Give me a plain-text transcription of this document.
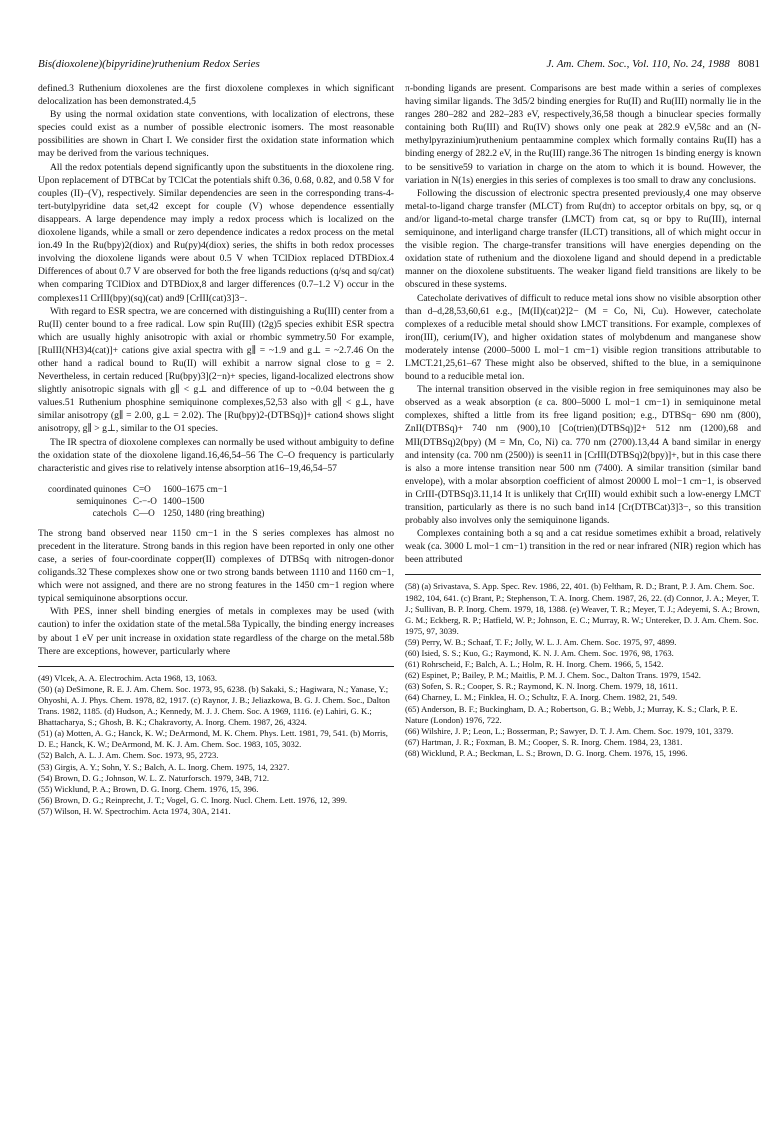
Bis(dioxolene)(bipyridine)ruthenium Redox Series	J. Am. Chem. Soc., Vol. 110, No. 24, 1988 8081

defined.3 Ruthenium dioxolenes are the first dioxolene complexes in which significant delocalization has been demonstrated.4,5

By using the normal oxidation state conventions, with localization of electrons, these species could exist as a number of possible electronic isomers. The most reasonable possibilities are shown in Chart I. We consider first the oxidation state information which may be derived from the various techniques.

All the redox potentials depend significantly upon the substituents in the dioxolene ring. Upon replacement of DTBCat by TClCat the potentials shift 0.36, 0.68, 0.82, and 0.58 V for couples (II)–(V), respectively. Similar dependencies are seen in the corresponding trans-4-tert-butylpyridine data set,42 except for couple (V) whose dependence essentially disappears. A large dependence may imply a redox process which is localized on the dioxolene ligands, while a small or zero dependence indicates a redox process on the metal ion.49 In the Ru(bpy)2(diox) and Ru(py)4(diox) series, the shifts in both redox processes involving the dioxolene ligands were about 0.5 V when TClDiox replaced DTBDiox.4 Differences of about 0.7 V are observed for both the free ligands reductions (q/sq and sq/cat) when comparing TClDiox and DTBDiox,8 and larger differences (0.7–1.2 V) occur in the complexes11 CrIII(bpy)(sq)(cat) and9 [CrIII(cat)3]3−.

With regard to ESR spectra, we are concerned with distinguishing a Ru(III) center from a Ru(II) center bound to a free radical. Low spin Ru(III) (t2g)5 species exhibit ESR spectra which are usually highly anisotropic with axial or rhombic symmetry.50 For example, [RuIII(NH3)4(cat)]+ cations give axial spectra with g∥ = ~1.9 and g⊥ = ~2.7.46 On the other hand a radical bound to Ru(II) will exhibit a narrow signal close to g = 2. Nevertheless, in certain reduced [Ru(bpy)3](2−n)+ species, ligand-localized electrons show slightly anisotropic signals with g∥ < g⊥ and difference of up to ~0.04 between the g values.51 Ruthenium phosphine semiquinone complexes,52,53 also with g∥ < g⊥, have similar anisotropy (g∥ = 2.00, g⊥ = 2.02). The [Ru(bpy)2-(DTBSq)]+ cation4 shows slight anisotropy, g∥ > g⊥, similar to the O1 species.

The IR spectra of dioxolene complexes can normally be used without ambiguity to define the oxidation state of the dioxolene ligand.16,46,54–56 The C–O frequency is particularly characteristic and gives rise to relatively intense absorption at16–19,46,54–57

coordinated quinones	C=O	1600–1675 cm−1
semiquinones	C-−-O	1400–1500
catechols	C—O	1250, 1480 (ring breathing)

The strong band observed near 1150 cm−1 in the S series complexes has almost no precedent in the literature. Strong bands in this region have been reported in only one other case, a series of four-coordinate copper(II) complexes of DTBSq with nitrogen-donor coligands.32 These complexes show one or two strong bands between 1110 and 1160 cm−1, which were not assigned, and there are no strong features in the 1450 cm−1 region where typical semiquinone absorptions occur.

With PES, inner shell binding energies of metals in complexes may be used (with caution) to infer the oxidation state of the metal.58a Typically, the binding energy increases by about 1 eV per unit increase in oxidation state regardless of the charge on the metal.58b There are exceptions, however, particularly where

(49) Vlcek, A. A. Electrochim. Acta 1968, 13, 1063.
(50) (a) DeSimone, R. E. J. Am. Chem. Soc. 1973, 95, 6238. (b) Sakaki, S.; Hagiwara, N.; Yanase, Y.; Ohyoshi, A. J. Phys. Chem. 1978, 82, 1917. (c) Raynor, J. B.; Jeliazkowa, B. G. J. Chem. Soc., Dalton Trans. 1982, 1185. (d) Hudson, A.; Kennedy, M. J. J. Chem. Soc. A 1969, 1116. (e) Lahiri, G. K.; Bhattacharya, S.; Ghosh, B. K.; Chakravorty, A. Inorg. Chem. 1987, 26, 4324.
(51) (a) Motten, A. G.; Hanck, K. W.; DeArmond, M. K. Chem. Phys. Lett. 1981, 79, 541. (b) Morris, D. E.; Hanck, K. W.; DeArmond, M. K. J. Am. Chem. Soc. 1983, 105, 3032.
(52) Balch, A. L. J. Am. Chem. Soc. 1973, 95, 2723.
(53) Girgis, A. Y.; Sohn, Y. S.; Balch, A. L. Inorg. Chem. 1975, 14, 2327.
(54) Brown, D. G.; Johnson, W. L. Z. Naturforsch. 1979, 34B, 712.
(55) Wicklund, P. A.; Brown, D. G. Inorg. Chem. 1976, 15, 396.
(56) Brown, D. G.; Reinprecht, J. T.; Vogel, G. C. Inorg. Nucl. Chem. Lett. 1976, 12, 399.
(57) Wilson, H. W. Spectrochim. Acta 1974, 30A, 2141.

π-bonding ligands are present. Comparisons are best made within a series of complexes having similar ligands. The 3d5/2 binding energies for Ru(II) and Ru(III) normally lie in the ranges 280–282 and 282–283 eV, respectively,36,58 though a binuclear species formally containing both Ru(III) and Ru(IV) shows only one peak at 282.9 eV,58c and an (N-methylpyrazinium)ruthenium pentaammine complex which formally contains Ru(II) has a binding energy of 282.2 eV, in the Ru(III) range.36 The nitrogen 1s binding energy is known to be sensitive59 to variation in charge on the atom to which it is bound. However, the variation in N(1s) energies in this series of complexes is too small to draw any conclusions.

Following the discussion of electronic spectra presented previously,4 one may observe metal-to-ligand charge transfer (MLCT) from Ru(dπ) to acceptor orbitals on bpy, sq, or q and/or ligand-to-metal charge transfer (LMCT) from cat, sq or bpy to Ru(III), internal semiquinone, and interligand charge transfer (ILCT) transitions, all of which might occur in the visible region. The charge-transfer transitions will have energies depending on the oxidation state of ruthenium and the dioxolene ligand and should depend in a predictable manner on the dioxolene substituents. The weaker ligand field transitions are likely to be obscured in these systems.

Catecholate derivatives of difficult to reduce metal ions show no visible absorption other than d–d,28,53,60,61 e.g., [M(II)(cat)2]2− (M = Co, Ni, Cu). However, catecholate complexes of a reducible metal should show LMCT transitions. For example, complexes of iron(III), cerium(IV), and higher oxidation states of molybdenum and manganese show moderately intense (2000–5000 L mol−1 cm−1) visible region transitions attributable to LMCT.21,25,61–67 These might also be observed, shifted to the blue, in a semiquinone bound to a reducible metal ion.

The internal transition observed in the visible region in free semiquinones may also be observed as a weak absorption (ε ca. 800–5000 L mol−1 cm−1) in semiquinone metal complexes, shifted a little from its free ligand position; e.g., DTBSq− 690 nm (800), ZnII(DTBSq)+ 740 nm (900),10 [Co(trien)(DTBSq)]2+ 512 nm (1200),68 and MII(DTBSq)2(bpy) (M = Mn, Co, Ni) ca. 770 nm (2700).13,44 A band similar in energy and intensity (ca. 700 nm (2500)) is seen11 in [CrIII(DTBSq)2(bpy)]+, but in this case there is also a more intense transition near 500 nm (7400). A similar transition (similar band envelope), with a molar absorption coefficient of almost 20000 L mol−1 cm−1, is observed in CrIII-(DTBSq)3.11,14 It is unlikely that Cr(III) would exhibit such a low-energy LMCT transition, particularly as there is no such band in14 [Cr(DTBCat)3]3−, so this transition probably also involves only the semiquinone ligands.

Complexes containing both a sq and a cat residue sometimes exhibit a broad, relatively weak (ca. 3000 L mol−1 cm−1) transition in the red or near infrared (NIR) region which has been attributed

(58) (a) Srivastava, S. App. Spec. Rev. 1986, 22, 401. (b) Feltham, R. D.; Brant, P. J. Am. Chem. Soc. 1982, 104, 641. (c) Brant, P.; Stephenson, T. A. Inorg. Chem. 1987, 26, 22. (d) Connor, J. A.; Meyer, T. J.; Sullivan, B. P. Inorg. Chem. 1979, 18, 1388. (e) Weaver, T. R.; Meyer, T. J.; Adeyemi, S. A.; Brown, G. M.; Eckberg, R. P.; Hatfield, W. P.; Johnson, E. C.; Murray, R. W.; Untereker, D. J. Am. Chem. Soc. 1975, 97, 3039.
(59) Perry, W. B.; Schaaf, T. F.; Jolly, W. L. J. Am. Chem. Soc. 1975, 97, 4899.
(60) Isied, S. S.; Kuo, G.; Raymond, K. N. J. Am. Chem. Soc. 1976, 98, 1763.
(61) Rohrscheid, F.; Balch, A. L.; Holm, R. H. Inorg. Chem. 1966, 5, 1542.
(62) Espinet, P.; Bailey, P. M.; Maitlis, P. M. J. Chem. Soc., Dalton Trans. 1979, 1542.
(63) Sofen, S. R.; Cooper, S. R.; Raymond, K. N. Inorg. Chem. 1979, 18, 1611.
(64) Charney, L. M.; Finklea, H. O.; Schultz, F. A. Inorg. Chem. 1982, 21, 549.
(65) Anderson, B. F.; Buckingham, D. A.; Robertson, G. B.; Webb, J.; Murray, K. S.; Clark, P. E. Nature (London) 1976, 722.
(66) Wilshire, J. P.; Leon, L.; Bosserman, P.; Sawyer, D. T. J. Am. Chem. Soc. 1979, 101, 3379.
(67) Hartman, J. R.; Foxman, B. M.; Cooper, S. R. Inorg. Chem. 1984, 23, 1381.
(68) Wicklund, P. A.; Beckman, L. S.; Brown, D. G. Inorg. Chem. 1976, 15, 1996.
